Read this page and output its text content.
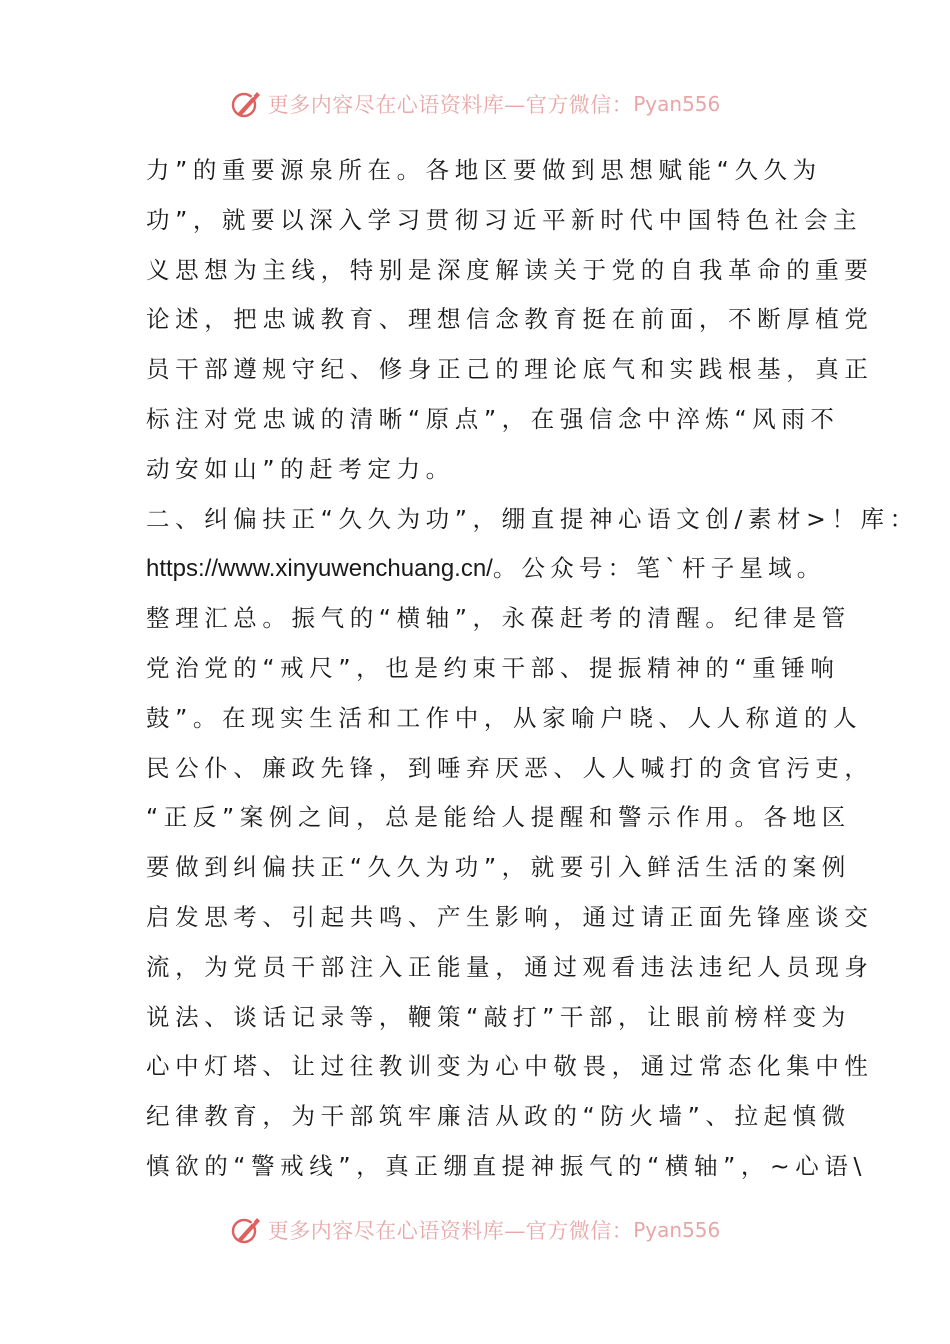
更多内容尽在心语资料库—官方微信： Pyan556
力”的重要源泉所在。各地区要做到思想赋能“久久为
功”，就要以深入学习贯彻习近平新时代中国特色社会主
义思想为主线，特别是深度解读关于党的自我革命的重要
论述，把忠诚教育、理想信念教育挺在前面，不断厚植党
员干部遵规守纪、修身正己的理论底气和实践根基，真正
标注对党忠诚的清晰“原点”，在强信念中淬炼“风雨不
动安如山”的赶考定力。
二、纠偏扶正“久久为功”，绷直提神心语文创/素材>！库：
https://www.xinyuwenchuang.cn/。公众号：笔`杆子星域。
整理汇总。振气的“横轴”，永葆赶考的清醒。纪律是管
党治党的“戒尺”，也是约束干部、提振精神的“重锤响
鼓”。在现实生活和工作中，从家喻户晓、人人称道的人
民公仆、廉政先锋，到唾弃厌恶、人人喊打的贪官污吏，
“正反”案例之间，总是能给人提醒和警示作用。各地区
要做到纠偏扶正“久久为功”，就要引入鲜活生活的案例
启发思考、引起共鸣、产生影响，通过请正面先锋座谈交
流，为党员干部注入正能量，通过观看违法违纪人员现身
说法、谈话记录等，鞭策“敲打”干部，让眼前榜样变为
心中灯塔、让过往教训变为心中敬畏，通过常态化集中性
纪律教育，为干部筑牢廉洁从政的“防火墙”、拉起慎微
慎欲的“警戒线”，真正绷直提神振气的“横轴”，~心语\
更多内容尽在心语资料库—官方微信： Pyan556
